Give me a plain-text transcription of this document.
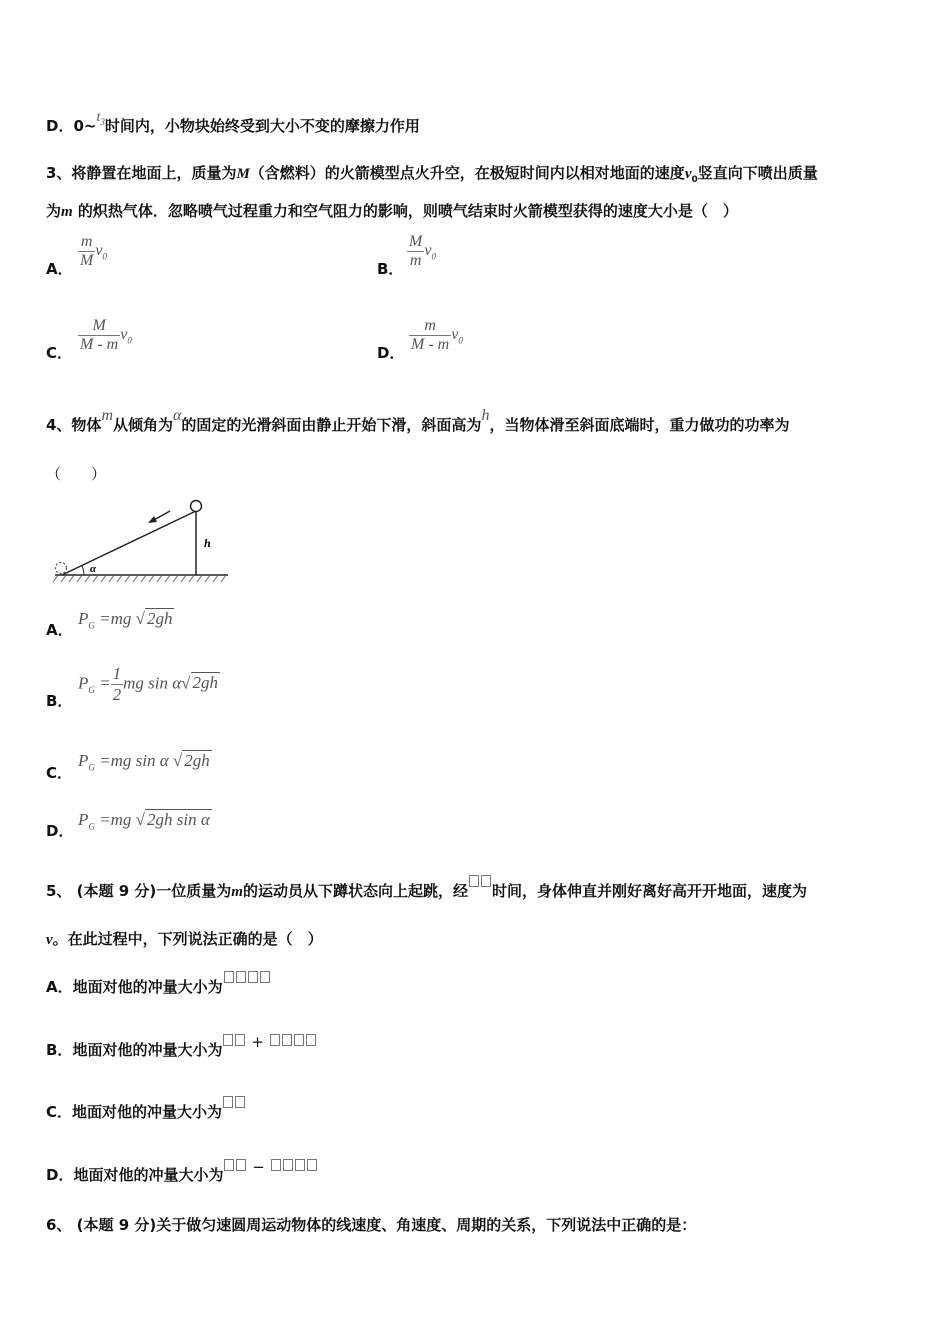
D．$0\sim t_3$时间内，小物块始终受到大小不变的摩擦力作用
3、将静置在地面上，质量为M（含燃料）的火箭模型点火升空，在极短时间内以相对地面的速度$v_0$竖直向下喷出质量
为m 的炽热气体．忽略喷气过程重力和空气阻力的影响，则喷气结束时火箭模型获得的速度大小是（　）
A． $\frac{m}{M} v_0$
B． $\frac{M}{m} v_0$
C． $\frac{M}{M - m} v_0$
D． $\frac{m}{M - m} v_0$
4、物体m从倾角为α的固定的光滑斜面由静止开始下滑，斜面高为h，当物体滑至斜面底端时，重力做功的功率为
（　　）
α
h
A．
$P_G =mg$ √ 2gh
B．
$P_G = \frac{1}{2}$ mg sin α√ 2gh
C．
$P_G =mg$ sin α √ 2gh
D．
$P_G =mg$ √ 2gh sin α
5、 (本题 9 分)一位质量为m的运动员从下蹲状态向上起跳，经 时间，身体伸直并刚好离好高开开地面，速度为
v。在此过程中，下列说法正确的是（　）
A．地面对他的冲量大小为
B．地面对他的冲量大小为 +
C．地面对他的冲量大小为
D．地面对他的冲量大小为 −
6、 (本题 9 分)关于做匀速圆周运动物体的线速度、角速度、周期的关系，下列说法中正确的是：
